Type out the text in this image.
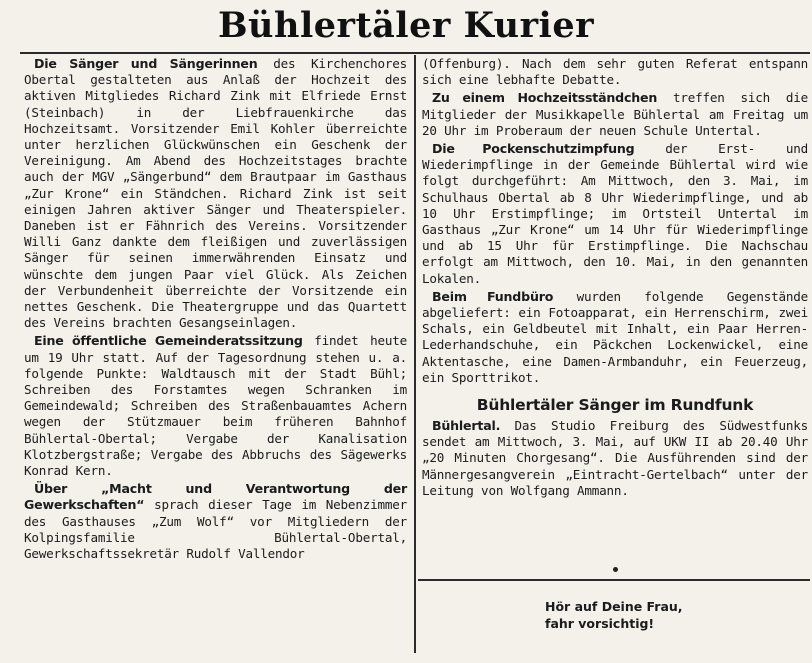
Bühlertäler Kurier

Die Sänger und Sängerinnen des Kirchenchores Obertal gestalteten aus Anlaß der Hochzeit des aktiven Mitgliedes Richard Zink mit Elfriede Ernst (Steinbach) in der Liebfrauenkirche das Hochzeitsamt. Vorsitzender Emil Kohler überreichte unter herzlichen Glückwünschen ein Geschenk der Vereinigung. Am Abend des Hochzeitstages brachte auch der MGV „Sängerbund“ dem Brautpaar im Gasthaus „Zur Krone“ ein Ständchen. Richard Zink ist seit einigen Jahren aktiver Sänger und Theaterspieler. Daneben ist er Fähnrich des Vereins. Vorsitzender Willi Ganz dankte dem fleißigen und zuverlässigen Sänger für seinen immerwährenden Einsatz und wünschte dem jungen Paar viel Glück. Als Zeichen der Verbundenheit überreichte der Vorsitzende ein nettes Geschenk. Die Theatergruppe und das Quartett des Vereins brachten Gesangseinlagen.

Eine öffentliche Gemeinderatssitzung findet heute um 19 Uhr statt. Auf der Tagesordnung stehen u. a. folgende Punkte: Waldtausch mit der Stadt Bühl; Schreiben des Forstamtes wegen Schranken im Gemeindewald; Schreiben des Straßenbauamtes Achern wegen der Stützmauer beim früheren Bahnhof Bühlertal-Obertal; Vergabe der Kanalisation Klotzbergstraße; Vergabe des Abbruchs des Sägewerks Konrad Kern.

Über „Macht und Verantwortung der Gewerkschaften“ sprach dieser Tage im Nebenzimmer des Gasthauses „Zum Wolf“ vor Mitgliedern der Kolpingsfamilie Bühlertal-Obertal, Gewerkschaftssekretär Rudolf Vallendor

(Offenburg). Nach dem sehr guten Referat entspann sich eine lebhafte Debatte.

Zu einem Hochzeitsständchen treffen sich die Mitglieder der Musikkapelle Bühlertal am Freitag um 20 Uhr im Proberaum der neuen Schule Untertal.

Die Pockenschutzimpfung der Erst- und Wiederimpflinge in der Gemeinde Bühlertal wird wie folgt durchgeführt: Am Mittwoch, den 3. Mai, im Schulhaus Obertal ab 8 Uhr Wiederimpflinge, und ab 10 Uhr Erstimpflinge; im Ortsteil Untertal im Gasthaus „Zur Krone“ um 14 Uhr für Wiederimpflinge und ab 15 Uhr für Erstimpflinge. Die Nachschau erfolgt am Mittwoch, den 10. Mai, in den genannten Lokalen.

Beim Fundbüro wurden folgende Gegenstände abgeliefert: ein Fotoapparat, ein Herrenschirm, zwei Schals, ein Geldbeutel mit Inhalt, ein Paar Herren-Lederhandschuhe, ein Päckchen Lockenwickel, eine Aktentasche, eine Damen-Armbanduhr, ein Feuerzeug, ein Sporttrikot.

Bühlertäler Sänger im Rundfunk

Bühlertal. Das Studio Freiburg des Südwestfunks sendet am Mittwoch, 3. Mai, auf UKW II ab 20.40 Uhr „20 Minuten Chorgesang“. Die Ausführenden sind der Männergesangverein „Eintracht-Gertelbach“ unter der Leitung von Wolfgang Ammann.

Hör auf Deine Frau,
fahr vorsichtig!
